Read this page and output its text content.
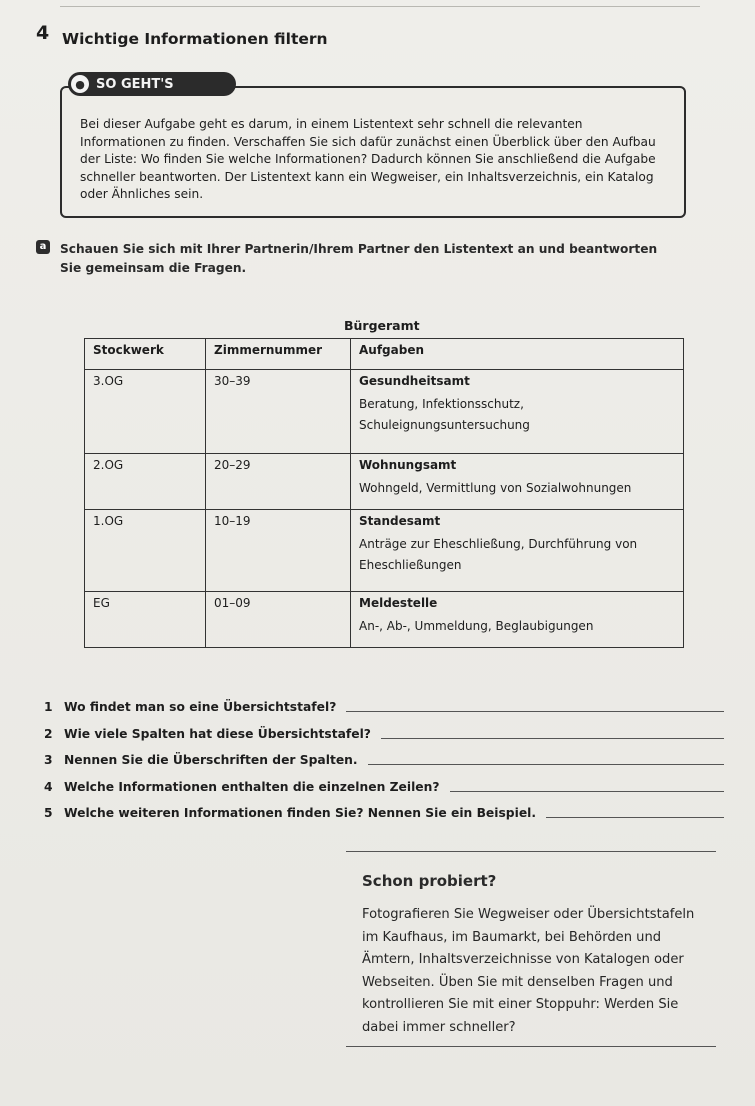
4 Wichtige Informationen filtern
● SO GEHT'S
Bei dieser Aufgabe geht es darum, in einem Listentext sehr schnell die relevanten Informationen zu finden. Verschaffen Sie sich dafür zunächst einen Überblick über den Aufbau der Liste: Wo finden Sie welche Informationen? Dadurch können Sie anschließend die Aufgabe schneller beantworten. Der Listentext kann ein Wegweiser, ein Inhaltsverzeichnis, ein Katalog oder Ähnliches sein.
a Schauen Sie sich mit Ihrer Partnerin/Ihrem Partner den Listentext an und beantworten Sie gemeinsam die Fragen.
Bürgeramt
Stockwerk	Zimmernummer	Aufgaben
3.OG	30–39	Gesundheitsamt
Beratung, Infektionsschutz, Schuleignungsuntersuchung

2.OG	20–29	Wohnungsamt
Wohngeld, Vermittlung von Sozialwohnungen

1.OG	10–19	Standesamt
Anträge zur Eheschließung, Durchführung von Eheschließungen

EG	01–09	Meldestelle
An-, Ab-, Ummeldung, Beglaubigungen
1 Wo findet man so eine Übersichtstafel?
2 Wie viele Spalten hat diese Übersichtstafel?
3 Nennen Sie die Überschriften der Spalten.
4 Welche Informationen enthalten die einzelnen Zeilen?
5 Welche weiteren Informationen finden Sie? Nennen Sie ein Beispiel.
Schon probiert?
Fotografieren Sie Wegweiser oder Übersichtstafeln im Kaufhaus, im Baumarkt, bei Behörden und Ämtern, Inhaltsverzeichnisse von Katalogen oder Webseiten. Üben Sie mit denselben Fragen und kontrollieren Sie mit einer Stoppuhr: Werden Sie dabei immer schneller?
